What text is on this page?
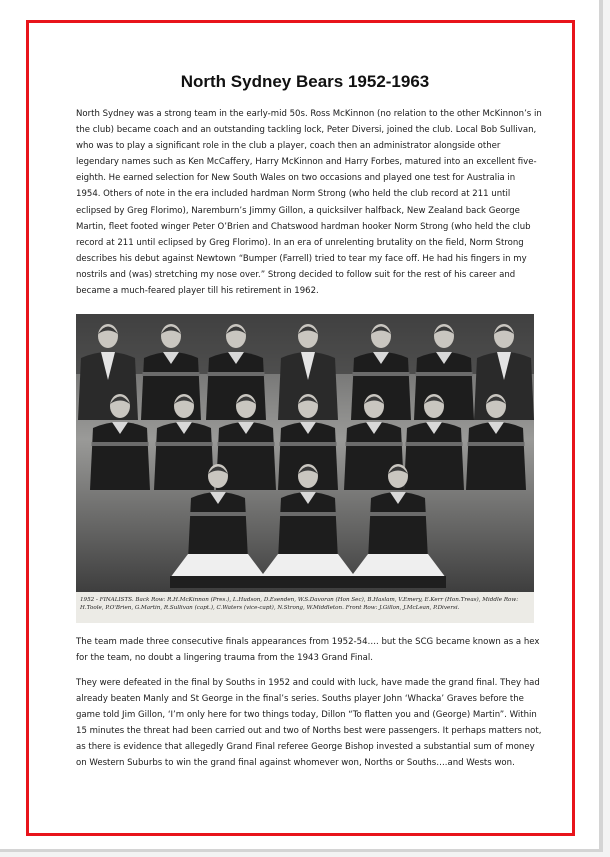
North Sydney Bears 1952-1963
North Sydney was a strong team in the early-mid 50s. Ross McKinnon (no relation to the other McKinnon’s in the club) became coach and an outstanding tackling lock, Peter Diversi, joined the club. Local Bob Sullivan, who was to play a significant role in the club a player, coach then an administrator alongside other legendary names such as Ken McCaffery, Harry McKinnon and Harry Forbes, matured into an excellent five-eighth. He earned selection for New South Wales on two occasions and played one test for Australia in 1954. Others of note in the era included hardman Norm Strong (who held the club record at 211 until eclipsed by Greg Florimo), Naremburn’s Jimmy Gillon, a quicksilver halfback, New Zealand back George Martin, fleet footed winger Peter O’Brien and Chatswood hardman hooker Norm Strong (who held the club record at 211 until eclipsed by Greg Florimo). In an era of unrelenting brutality on the field, Norm Strong describes his debut against Newtown “Bumper (Farrell) tried to tear my face off. He had his fingers in my nostrils and (was) stretching my nose over.” Strong decided to follow suit for the rest of his career and became a much-feared player till his retirement in 1962.
1952 - FINALISTS. Back Row: R.H.McKinnon (Pres.), L.Hudson, D.Esenden, W.S.Davoran (Hon Sec), B.Haslam, V.Emery, E.Kerr (Hon.Treas), Middle Row: H.Toole, P.O'Brien, G.Martin, R.Sullivan (capt.), C.Waters (vice-capt), N.Strong, W.Middleton. Front Row: J.Gillon, J.McLean, P.Diversi.
The team made three consecutive finals appearances from 1952-54…. but the SCG became known as a hex for the team, no doubt a lingering trauma from the 1943 Grand Final.
They were defeated in the final by Souths in 1952 and could with luck, have made the grand final. They had already beaten Manly and St George in the final’s series. Souths player John ‘Whacka’ Graves before the game told Jim Gillon, ‘I’m only here for two things today, Dillon “To flatten you and (George) Martin”. Within 15 minutes the threat had been carried out and two of Norths best were passengers. It perhaps matters not, as there is evidence that allegedly Grand Final referee George Bishop invested a substantial sum of money on Western Suburbs to win the grand final against whomever won, Norths or Souths….and Wests won.
